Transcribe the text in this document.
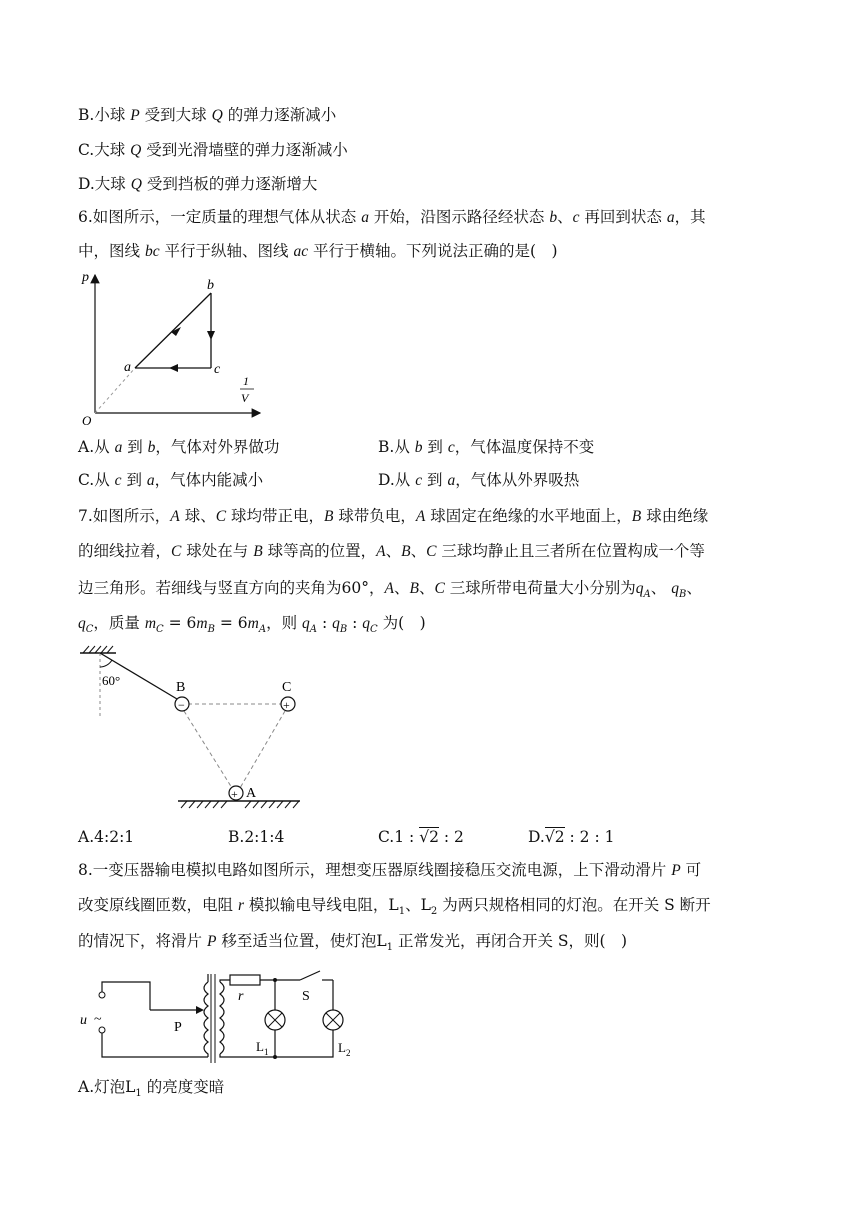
B.小球 P 受到大球 Q 的弹力逐渐减小
C.大球 Q 受到光滑墙壁的弹力逐渐减小
D.大球 Q 受到挡板的弹力逐渐增大
6.如图所示，一定质量的理想气体从状态 a 开始，沿图示路径经状态 b、c 再回到状态 a，其
中，图线 bc 平行于纵轴、图线 ac 平行于横轴。下列说法正确的是(　)
p
1
V
O
a
b
c
A.从 a 到 b，气体对外界做功	B.从 b 到 c，气体温度保持不变
C.从 c 到 a，气体内能减小	D.从 c 到 a，气体从外界吸热
7.如图所示，A 球、C 球均带正电，B 球带负电，A 球固定在绝缘的水平地面上，B 球由绝缘
的细线拉着，C 球处在与 B 球等高的位置，A、B、C 三球均静止且三者所在位置构成一个等
边三角形。若细线与竖直方向的夹角为60°，A、B、C 三球所带电荷量大小分别为$q_A$、 $q_B$、
$q_C$，质量 $m_C = 6m_B = 6m_A$，则 $q_A$ : $q_B$ : $q_C$ 为(　)
60°
−
B
+
C
+ A
A.4:2:1	B.2:1:4	C.1 : √2 : 2	D.√2 : 2 : 1
8.一变压器输电模拟电路如图所示，理想变压器原线圈接稳压交流电源，上下滑动滑片 P 可
改变原线圈匝数，电阻 r 模拟输电导线电阻，$L_1$、$L_2$ 为两只规格相同的灯泡。在开关 S 断开
的情况下，将滑片 P 移至适当位置，使灯泡$L_1$ 正常发光，再闭合开关 S，则(　)
u ~
P
r	S
L 1	L 2
A.灯泡$L_1$ 的亮度变暗
